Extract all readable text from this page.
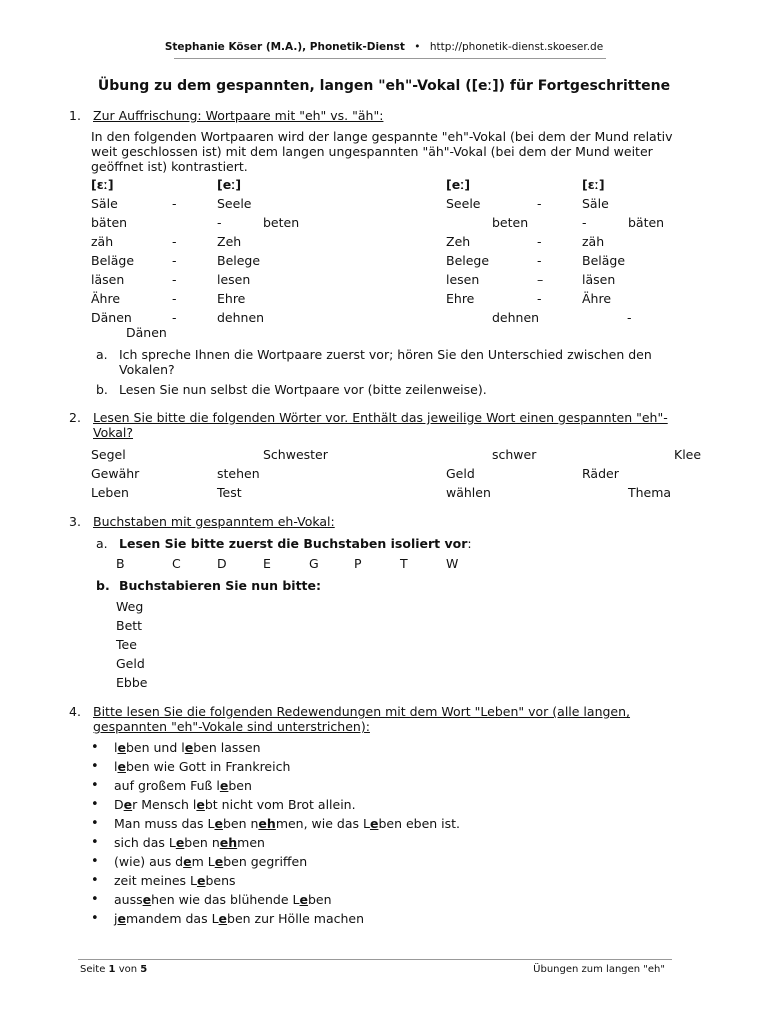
Stephanie Köser (M.A.), Phonetik-Dienst • http://phonetik-dienst.skoeser.de
Übung zu dem gespannten, langen "eh"-Vokal ([eː]) für Fortgeschrittene
1. Zur Auffrischung: Wortpaare mit "eh" vs. "äh":
In den folgenden Wortpaaren wird der lange gespannte "eh"-Vokal (bei dem der Mund relativ
weit geschlossen ist) mit dem langen ungespannten "äh"-Vokal (bei dem der Mund weiter
geöffnet ist) kontrastiert.
[ɛː]	[eː]	[eː]	[ɛː]
Säle	-	Seele	Seele	-	Säle
bäten	-	beten	beten	-	bäten
zäh	-	Zeh	Zeh	-	zäh
Beläge	-	Belege	Belege	-	Beläge
läsen	-	lesen	lesen	–	läsen
Ähre	-	Ehre	Ehre	-	Ähre
Dänen	-	dehnen	dehnen	-
Dänen
a. Ich spreche Ihnen die Wortpaare zuerst vor; hören Sie den Unterschied zwischen den
Vokalen?
b. Lesen Sie nun selbst die Wortpaare vor (bitte zeilenweise).
2. Lesen Sie bitte die folgenden Wörter vor. Enthält das jeweilige Wort einen gespannten "eh"-
Vokal?
Segel	Schwester	schwer	Klee
Gewähr	stehen	Geld	Räder
Leben	Test	wählen	Thema
3. Buchstaben mit gespanntem eh-Vokal:
a. Lesen Sie bitte zuerst die Buchstaben isoliert vor:
B	C	D	E	G	P	T	W
b. Buchstabieren Sie nun bitte:
Weg
Bett
Tee
Geld
Ebbe
4. Bitte lesen Sie die folgenden Redewendungen mit dem Wort "Leben" vor (alle langen,
gespannten "eh"-Vokale sind unterstrichen):
• leben und leben lassen
• leben wie Gott in Frankreich
• auf großem Fuß leben
• Der Mensch lebt nicht vom Brot allein.
• Man muss das Leben nehmen, wie das Leben eben ist.
• sich das Leben nehmen
• (wie) aus dem Leben gegriffen
• zeit meines Lebens
• aussehen wie das blühende Leben
• jemandem das Leben zur Hölle machen
Seite 1 von 5	Übungen zum langen "eh"
